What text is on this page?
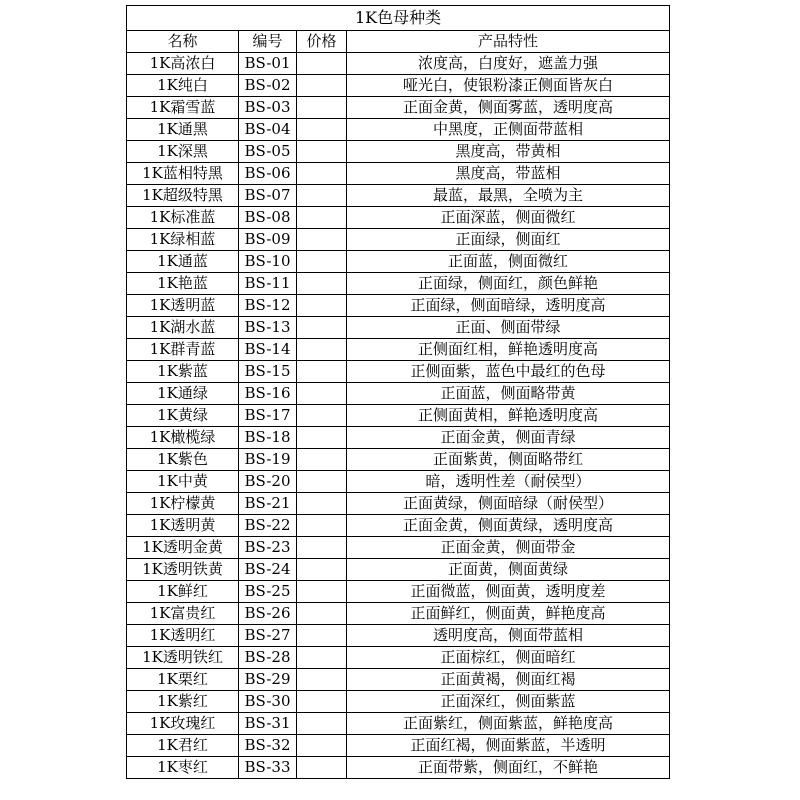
1K色母种类			
名称	编号	价格	产品特性
1K高浓白	BS-01		浓度高，白度好，遮盖力强
1K纯白	BS-02		哑光白，使银粉漆正侧面皆灰白
1K霜雪蓝	BS-03		正面金黄，侧面雾蓝，透明度高
1K通黑	BS-04		中黑度，正侧面带蓝相
1K深黑	BS-05		黑度高，带黄相
1K蓝相特黑	BS-06		黑度高，带蓝相
1K超级特黑	BS-07		最蓝，最黑，全喷为主
1K标准蓝	BS-08		正面深蓝，侧面微红
1K绿相蓝	BS-09		正面绿，侧面红
1K通蓝	BS-10		正面蓝，侧面微红
1K艳蓝	BS-11		正面绿，侧面红，颜色鲜艳
1K透明蓝	BS-12		正面绿，侧面暗绿，透明度高
1K湖水蓝	BS-13		正面、侧面带绿
1K群青蓝	BS-14		正侧面红相，鲜艳透明度高
1K紫蓝	BS-15		正侧面紫，蓝色中最红的色母
1K通绿	BS-16		正面蓝，侧面略带黄
1K黄绿	BS-17		正侧面黄相，鲜艳透明度高
1K橄榄绿	BS-18		正面金黄，侧面青绿
1K紫色	BS-19		正面紫黄，侧面略带红
1K中黄	BS-20		暗，透明性差（耐侯型）
1K柠檬黄	BS-21		正面黄绿，侧面暗绿（耐侯型）
1K透明黄	BS-22		正面金黄，侧面黄绿，透明度高
1K透明金黄	BS-23		正面金黄，侧面带金
1K透明铁黄	BS-24		正面黄，侧面黄绿
1K鲜红	BS-25		正面微蓝，侧面黄，透明度差
1K富贵红	BS-26		正面鲜红，侧面黄，鲜艳度高
1K透明红	BS-27		透明度高，侧面带蓝相
1K透明铁红	BS-28		正面棕红，侧面暗红
1K栗红	BS-29		正面黄褐，侧面红褐
1K紫红	BS-30		正面深红，侧面紫蓝
1K玫瑰红	BS-31		正面紫红，侧面紫蓝，鲜艳度高
1K君红	BS-32		正面红褐，侧面紫蓝，半透明
1K枣红	BS-33		正面带紫，侧面红，不鲜艳
